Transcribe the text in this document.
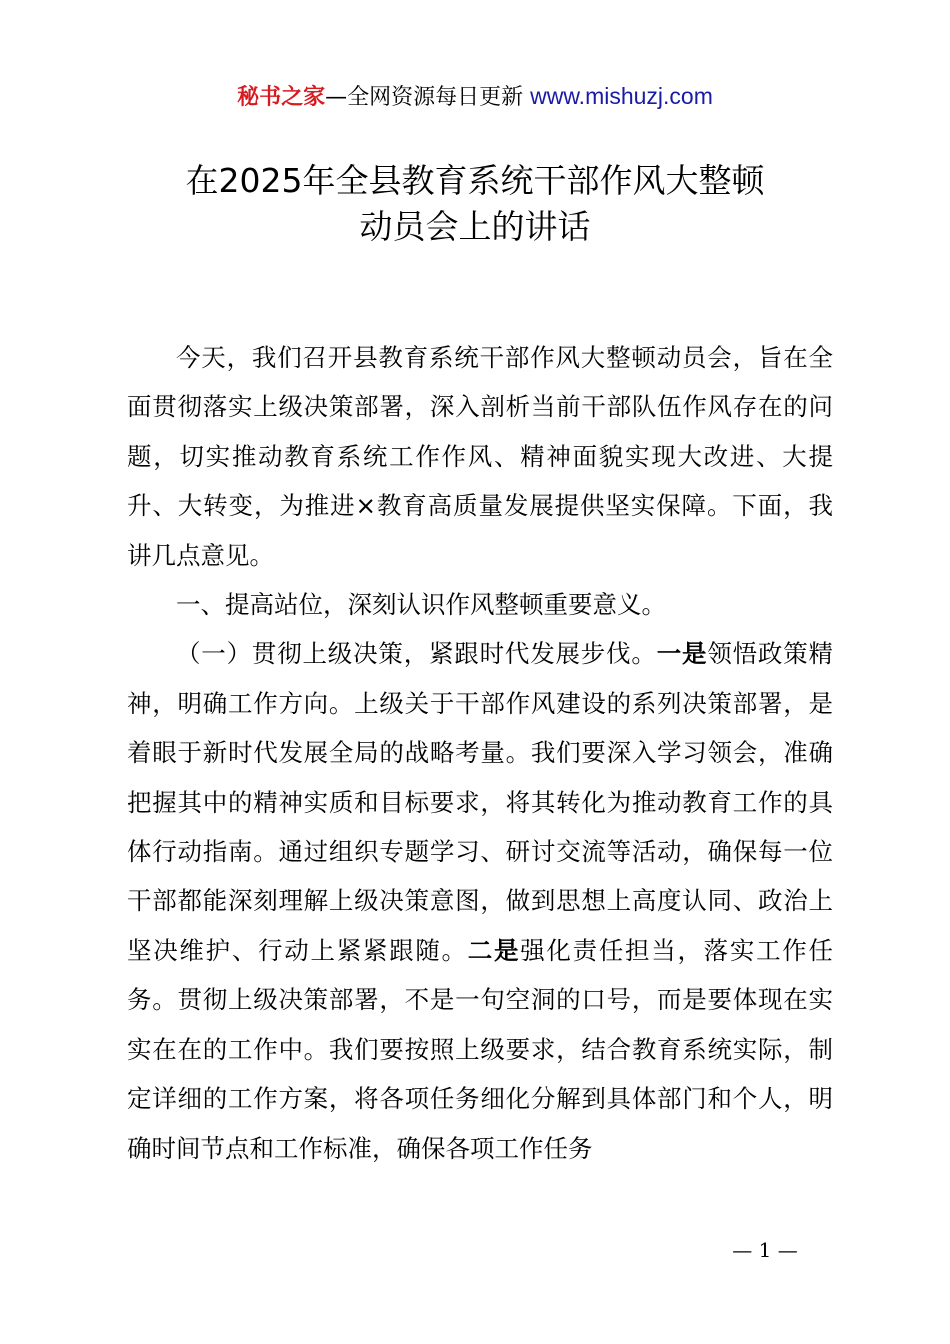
秘书之家—全网资源每日更新 www.mishuzj.com
在2025年全县教育系统干部作风大整顿
动员会上的讲话

今天，我们召开县教育系统干部作风大整顿动员会，旨在全面贯彻落实上级决策部署，深入剖析当前干部队伍作风存在的问题，切实推动教育系统工作作风、精神面貌实现大改进、大提升、大转变，为推进×教育高质量发展提供坚实保障。下面，我讲几点意见。

一、提高站位，深刻认识作风整顿重要意义。

（一）贯彻上级决策，紧跟时代发展步伐。一是领悟政策精神，明确工作方向。上级关于干部作风建设的系列决策部署，是着眼于新时代发展全局的战略考量。我们要深入学习领会，准确把握其中的精神实质和目标要求，将其转化为推动教育工作的具体行动指南。通过组织专题学习、研讨交流等活动，确保每一位干部都能深刻理解上级决策意图，做到思想上高度认同、政治上坚决维护、行动上紧紧跟随。二是强化责任担当，落实工作任务。贯彻上级决策部署，不是一句空洞的口号，而是要体现在实实在在的工作中。我们要按照上级要求，结合教育系统实际，制定详细的工作方案，将各项任务细化分解到具体部门和个人，明确时间节点和工作标准，确保各项工作任务

— 1 —
